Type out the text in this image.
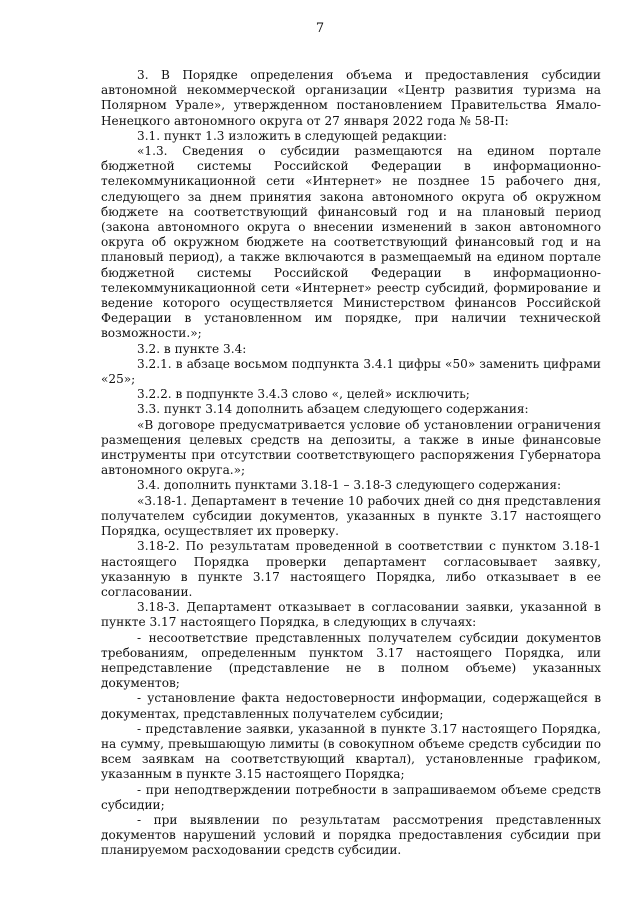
7

3. В Порядке определения объема и предоставления субсидии автономной некоммерческой организации «Центр развития туризма на Полярном Урале», утвержденном постановлением Правительства Ямало-Ненецкого автономного округа от 27 января 2022 года № 58-П:

3.1. пункт 1.3 изложить в следующей редакции:

«1.3. Сведения о субсидии размещаются на едином портале бюджетной системы Российской Федерации в информационно-телекоммуникационной сети «Интернет» не позднее 15 рабочего дня, следующего за днем принятия закона автономного округа об окружном бюджете на соответствующий финансовый год и на плановый период (закона автономного округа о внесении изменений в закон автономного округа об окружном бюджете на соответствующий финансовый год и на плановый период), а также включаются в размещаемый на едином портале бюджетной системы Российской Федерации в информационно-телекоммуникационной сети «Интернет» реестр субсидий, формирование и ведение которого осуществляется Министерством финансов Российской Федерации в установленном им порядке, при наличии технической возможности.»;

3.2. в пункте 3.4:

3.2.1. в абзаце восьмом подпункта 3.4.1 цифры «50» заменить цифрами «25»;

3.2.2. в подпункте 3.4.3 слово «, целей» исключить;

3.3. пункт 3.14 дополнить абзацем следующего содержания:

«В договоре предусматривается условие об установлении ограничения размещения целевых средств на депозиты, а также в иные финансовые инструменты при отсутствии соответствующего распоряжения Губернатора автономного округа.»;

3.4. дополнить пунктами 3.18-1 – 3.18-3 следующего содержания:

«3.18-1. Департамент в течение 10 рабочих дней со дня представления получателем субсидии документов, указанных в пункте 3.17 настоящего Порядка, осуществляет их проверку.

3.18-2. По результатам проведенной в соответствии с пунктом 3.18-1 настоящего Порядка проверки департамент согласовывает заявку, указанную в пункте 3.17 настоящего Порядка, либо отказывает в ее согласовании.

3.18-3. Департамент отказывает в согласовании заявки, указанной в пункте 3.17 настоящего Порядка, в следующих в случаях:

- несоответствие представленных получателем субсидии документов требованиям, определенным пунктом 3.17 настоящего Порядка, или непредставление (представление не в полном объеме) указанных документов;

- установление факта недостоверности информации, содержащейся в документах, представленных получателем субсидии;

- представление заявки, указанной в пункте 3.17 настоящего Порядка, на сумму, превышающую лимиты (в совокупном объеме средств субсидии по всем заявкам на соответствующий квартал), установленные графиком, указанным в пункте 3.15 настоящего Порядка;

- при неподтверждении потребности в запрашиваемом объеме средств субсидии;

- при выявлении по результатам рассмотрения представленных документов нарушений условий и порядка предоставления субсидии при планируемом расходовании средств субсидии.
